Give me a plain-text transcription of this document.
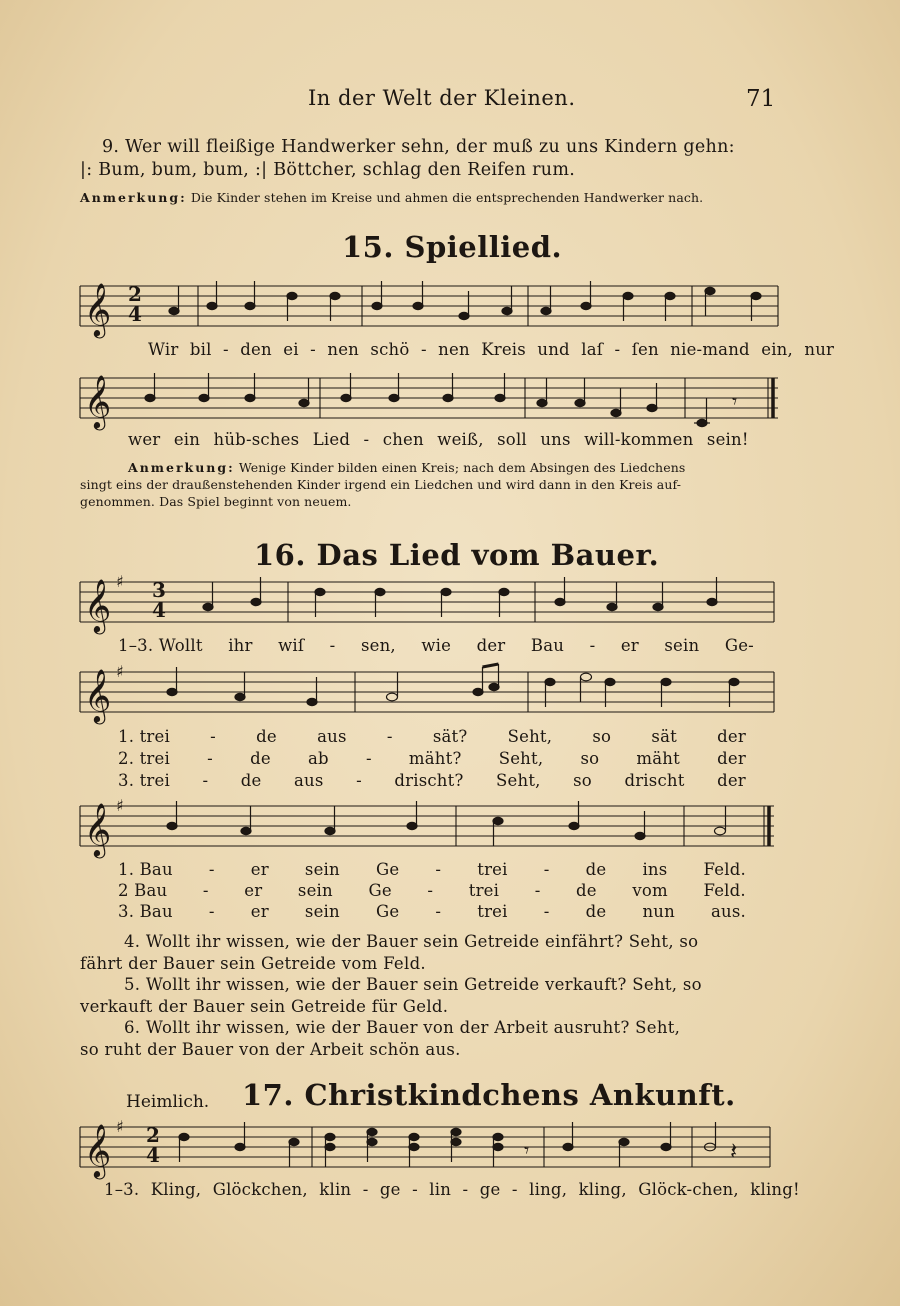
In der Welt der Kleinen.	71
9. Wer will fleißige Handwerker sehn, der muß zu uns Kindern gehn:
|: Bum, bum, bum, :| Böttcher, schlag den Reifen rum.
Anmerkung: Die Kinder stehen im Kreise und ahmen die entsprechenden Handwerker nach.
15. Spiellied.
𝄞 2
4
Wir bil - den ei - nen schö - nen Kreis und laſ - ſen nie-mand ein, nur
𝄞	𝄾
wer ein hüb-sches Lied - chen weiß, soll uns will-kommen sein!
Anmerkung: Wenige Kinder bilden einen Kreis; nach dem Absingen des Liedchens
singt eins der draußenstehenden Kinder irgend ein Liedchen und wird dann in den Kreis auf-
genommen. Das Spiel beginnt von neuem.
16. Das Lied vom Bauer.
𝄞 ♯ 3
4
1–3. Wollt ihr wiſ - sen, wie der Bau - er sein Ge-
𝄞 ♯
1. trei - de aus - sät? Seht, so sät der
2. trei - de ab - mäht? Seht, so mäht der
3. trei - de aus - drischt? Seht, so drischt der
𝄞 ♯
1. Bau - er sein Ge - trei - de ins Feld.
2 Bau - er sein Ge - trei - de vom Feld.
3. Bau - er sein Ge - trei - de nun aus.
4. Wollt ihr wissen, wie der Bauer sein Getreide einfährt? Seht, so
fährt der Bauer sein Getreide vom Feld.
5. Wollt ihr wissen, wie der Bauer sein Getreide verkauft? Seht, so
verkauft der Bauer sein Getreide für Geld.
6. Wollt ihr wissen, wie der Bauer von der Arbeit ausruht? Seht,
so ruht der Bauer von der Arbeit schön aus.
Heimlich. 17. Christkindchens Ankunft.
𝄞 ♯
𝄾	𝄽
2
4
1–3. Kling, Glöckchen, klin - ge - lin - ge - ling, kling, Glöck-chen, kling!
